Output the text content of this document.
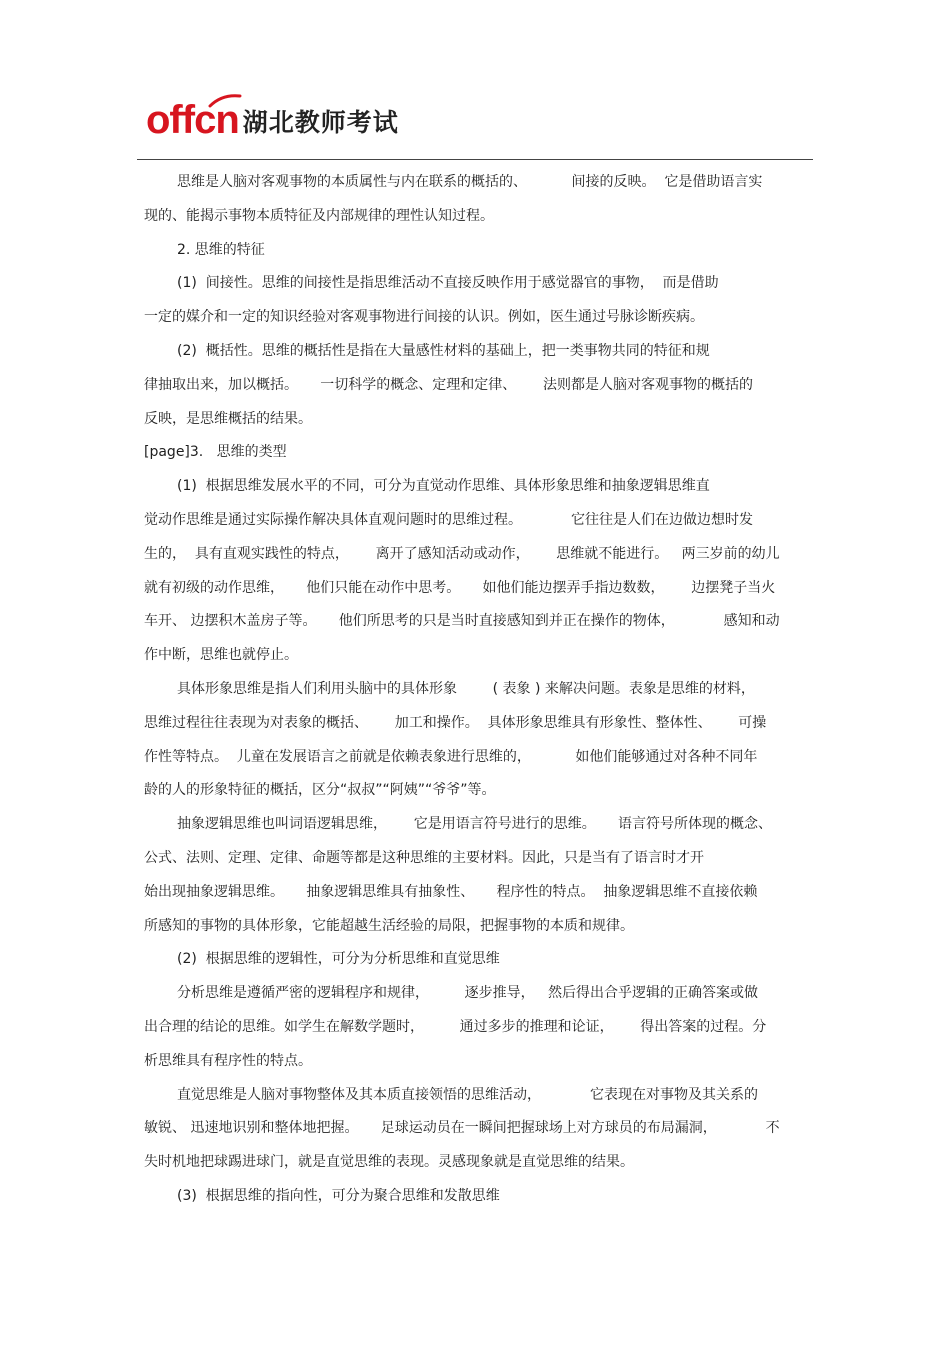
offcn 湖北教师考试
思维是人脑对客观事物的本质属性与内在联系的概括的、          间接的反映。  它是借助语言实
现的、能揭示事物本质特征及内部规律的理性认知过程。
2. 思维的特征
(1)  间接性。思维的间接性是指思维活动不直接反映作用于感觉器官的事物，  而是借助
一定的媒介和一定的知识经验对客观事物进行间接的认识。例如，医生通过号脉诊断疾病。
(2)  概括性。思维的概括性是指在大量感性材料的基础上，把一类事物共同的特征和规
律抽取出来，加以概括。     一切科学的概念、定理和定律、      法则都是人脑对客观事物的概括的
反映，是思维概括的结果。
[page]3.   思维的类型
(1)  根据思维发展水平的不同，可分为直觉动作思维、具体形象思维和抽象逻辑思维直
觉动作思维是通过实际操作解决具体直观问题时的思维过程。           它往往是人们在边做边想时发
生的，  具有直观实践性的特点，      离开了感知活动或动作，      思维就不能进行。   两三岁前的幼儿
就有初级的动作思维，     他们只能在动作中思考。     如他们能边摆弄手指边数数，      边摆凳子当火
车开、 边摆积木盖房子等。     他们所思考的只是当时直接感知到并正在操作的物体，           感知和动
作中断，思维也就停止。
具体形象思维是指人们利用头脑中的具体形象        ( 表象 ) 来解决问题。表象是思维的材料，
思维过程往往表现为对表象的概括、      加工和操作。  具体形象思维具有形象性、整体性、      可操
作性等特点。  儿童在发展语言之前就是依赖表象进行思维的，          如他们能够通过对各种不同年
龄的人的形象特征的概括，区分“叔叔”“阿姨”“爷爷”等。
抽象逻辑思维也叫词语逻辑思维，      它是用语言符号进行的思维。     语言符号所体现的概念、
公式、法则、定理、定律、命题等都是这种思维的主要材料。因此，只是当有了语言时才开
始出现抽象逻辑思维。     抽象逻辑思维具有抽象性、     程序性的特点。  抽象逻辑思维不直接依赖
所感知的事物的具体形象，它能超越生活经验的局限，把握事物的本质和规律。
(2)  根据思维的逻辑性，可分为分析思维和直觉思维
分析思维是遵循严密的逻辑程序和规律，        逐步推导，   然后得出合乎逻辑的正确答案或做
出合理的结论的思维。如学生在解数学题时，        通过多步的推理和论证，      得出答案的过程。分
析思维具有程序性的特点。
直觉思维是人脑对事物整体及其本质直接领悟的思维活动，           它表现在对事物及其关系的
敏锐、 迅速地识别和整体地把握。     足球运动员在一瞬间把握球场上对方球员的布局漏洞，           不
失时机地把球踢进球门，就是直觉思维的表现。灵感现象就是直觉思维的结果。
(3)  根据思维的指向性，可分为聚合思维和发散思维
